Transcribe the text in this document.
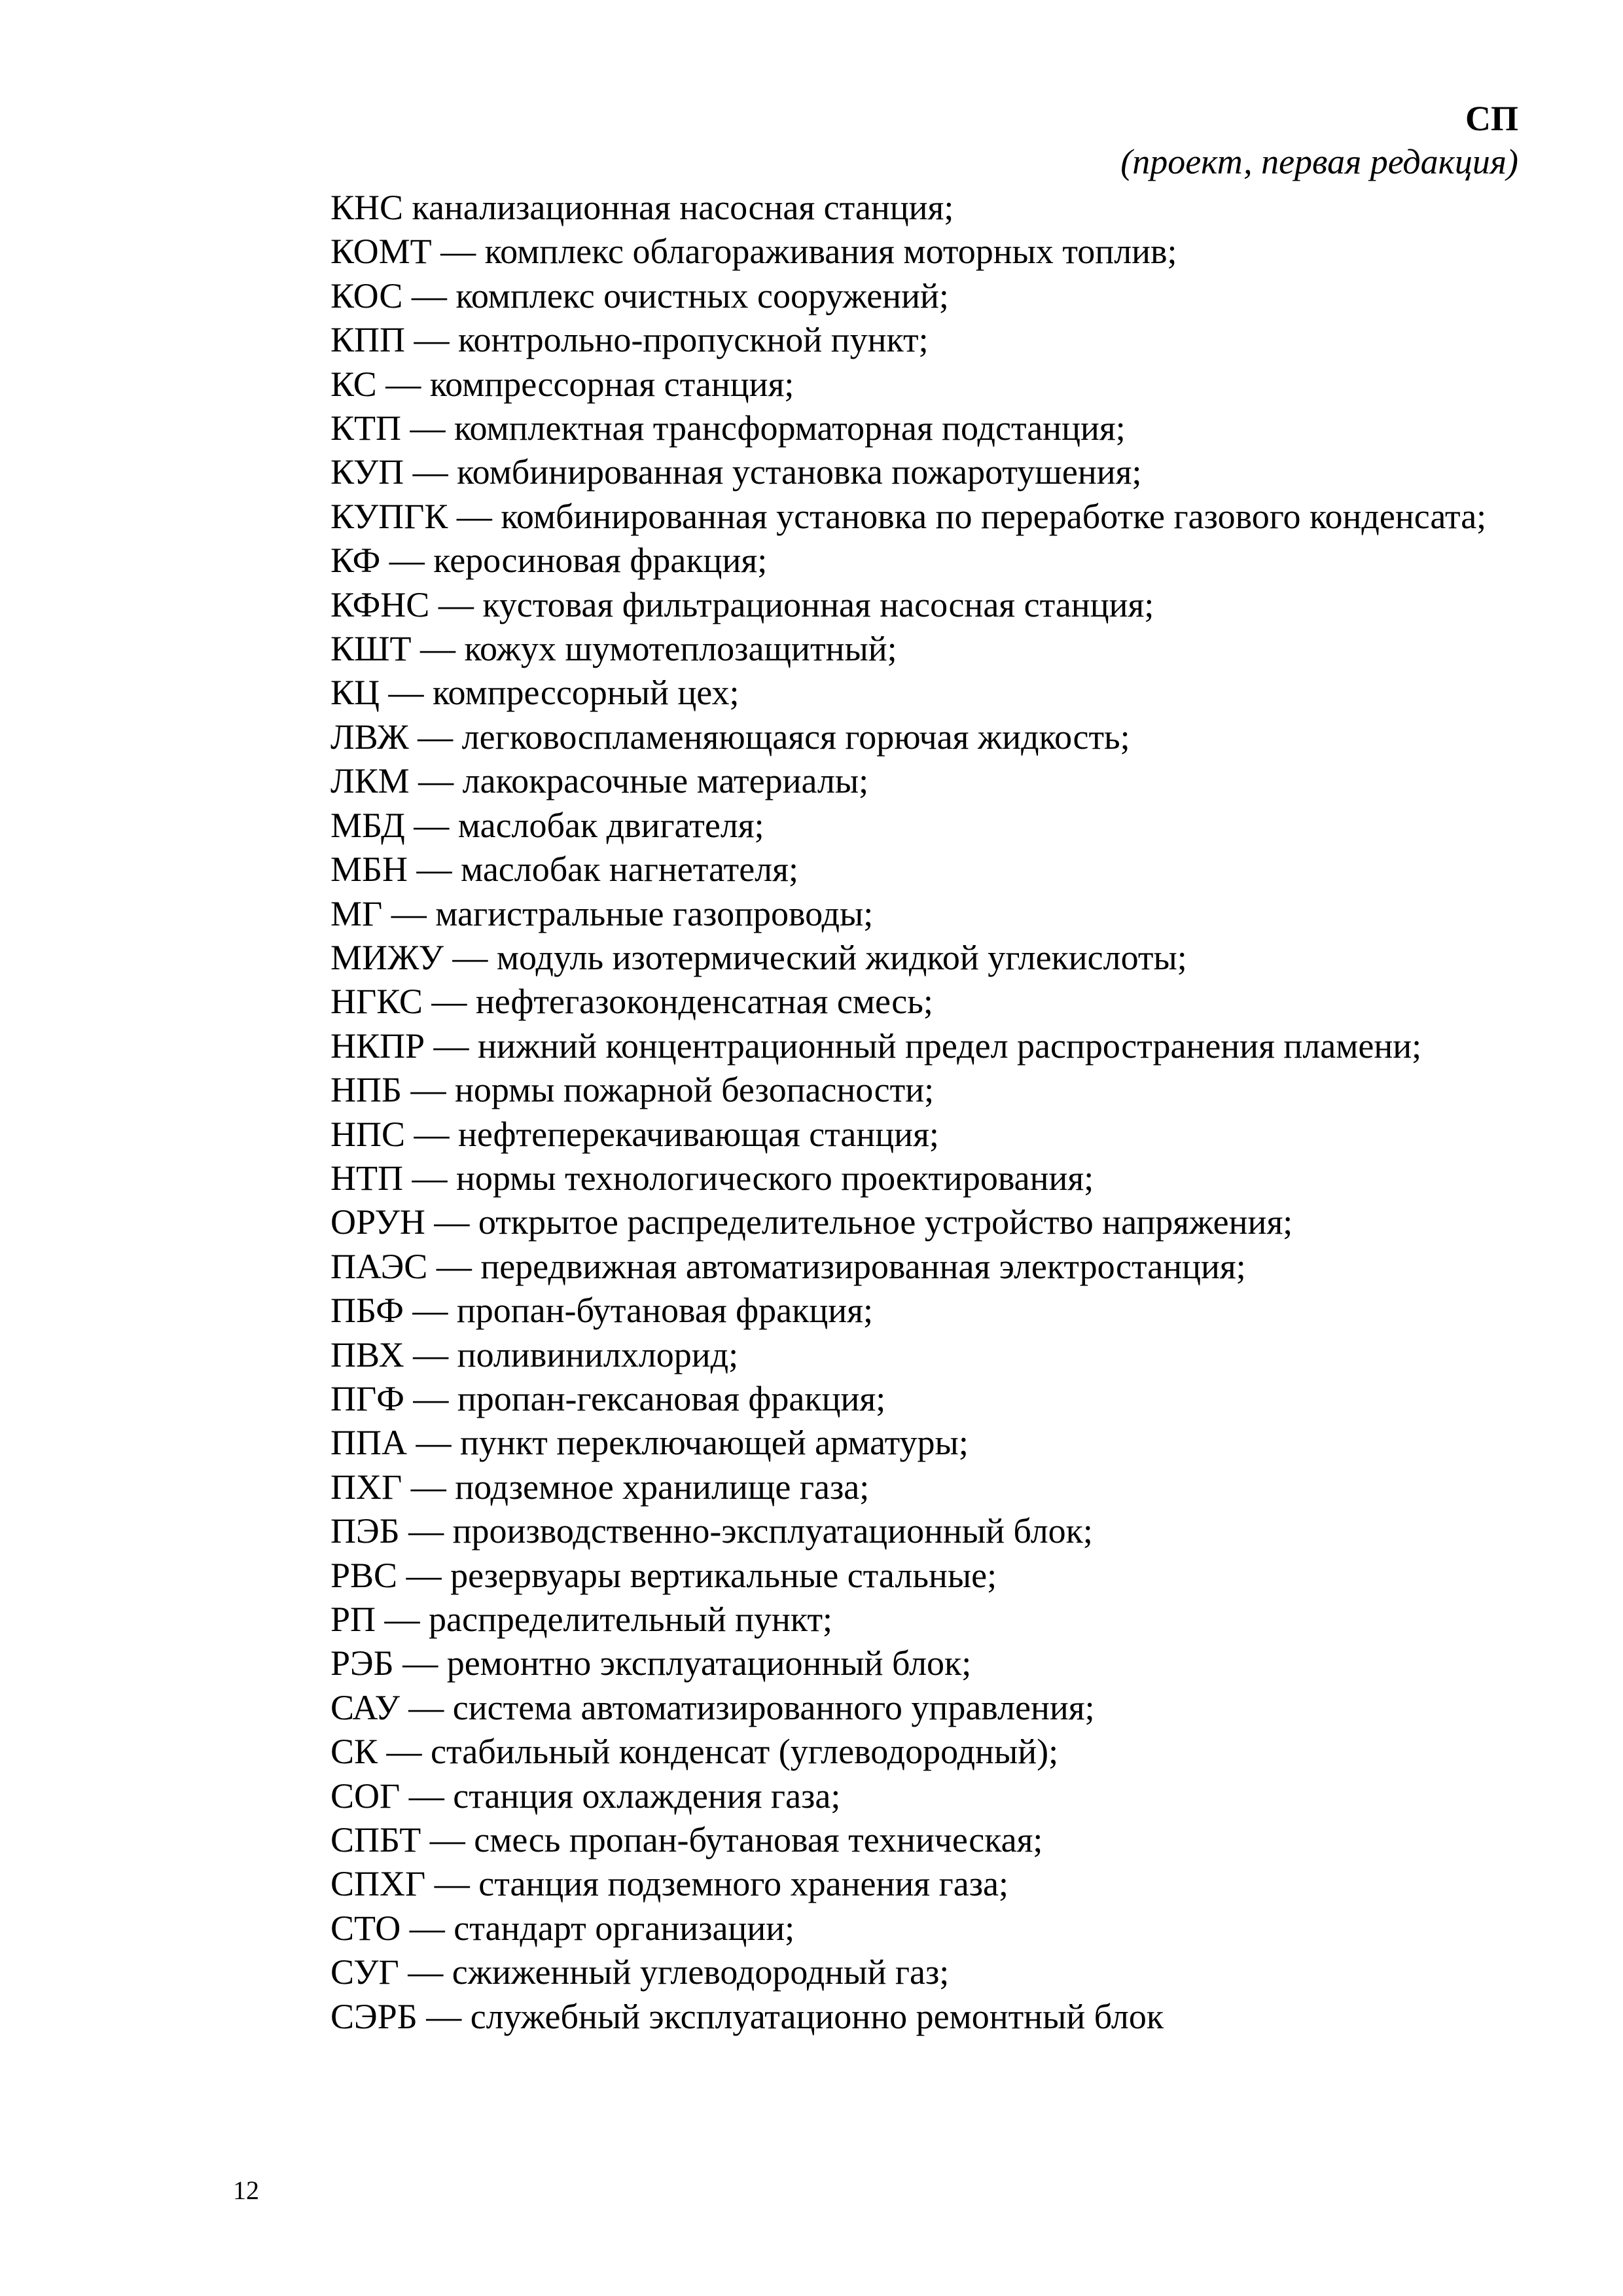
СП
(проект, первая редакция)

КНС канализационная насосная станция;

КОМТ — комплекс облагораживания моторных топлив;

КОС — комплекс очистных сооружений;

КПП — контрольно-пропускной пункт;

КС — компрессорная станция;

КТП — комплектная трансформаторная подстанция;

КУП — комбинированная установка пожаротушения;

КУПГК — комбинированная установка по переработке газового конденсата;

КФ — керосиновая фракция;

КФНС — кустовая фильтрационная насосная станция;

КШТ — кожух шумотеплозащитный;

КЦ — компрессорный цех;

ЛВЖ — легковоспламеняющаяся горючая жидкость;

ЛКМ — лакокрасочные материалы;

МБД — маслобак двигателя;

МБН — маслобак нагнетателя;

МГ — магистральные газопроводы;

МИЖУ — модуль изотермический жидкой углекислоты;

НГКС — нефтегазоконденсатная смесь;

НКПР — нижний концентрационный предел распространения пламени;

НПБ — нормы пожарной безопасности;

НПС — нефтеперекачивающая станция;

НТП — нормы технологического проектирования;

ОРУН — открытое распределительное устройство напряжения;

ПАЭС — передвижная автоматизированная электростанция;

ПБФ — пропан-бутановая фракция;

ПВХ — поливинилхлорид;

ПГФ — пропан-гексановая фракция;

ППА — пункт переключающей арматуры;

ПХГ — подземное хранилище газа;

ПЭБ — производственно-эксплуатационный блок;

РВС — резервуары вертикальные стальные;

РП — распределительный пункт;

РЭБ — ремонтно эксплуатационный блок;

САУ — система автоматизированного управления;

СК — стабильный конденсат (углеводородный);

СОГ — станция охлаждения газа;

СПБТ — смесь пропан-бутановая техническая;

СПХГ — станция подземного хранения газа;

СТО — стандарт организации;

СУГ — сжиженный углеводородный газ;

СЭРБ — служебный эксплуатационно ремонтный блок

12
